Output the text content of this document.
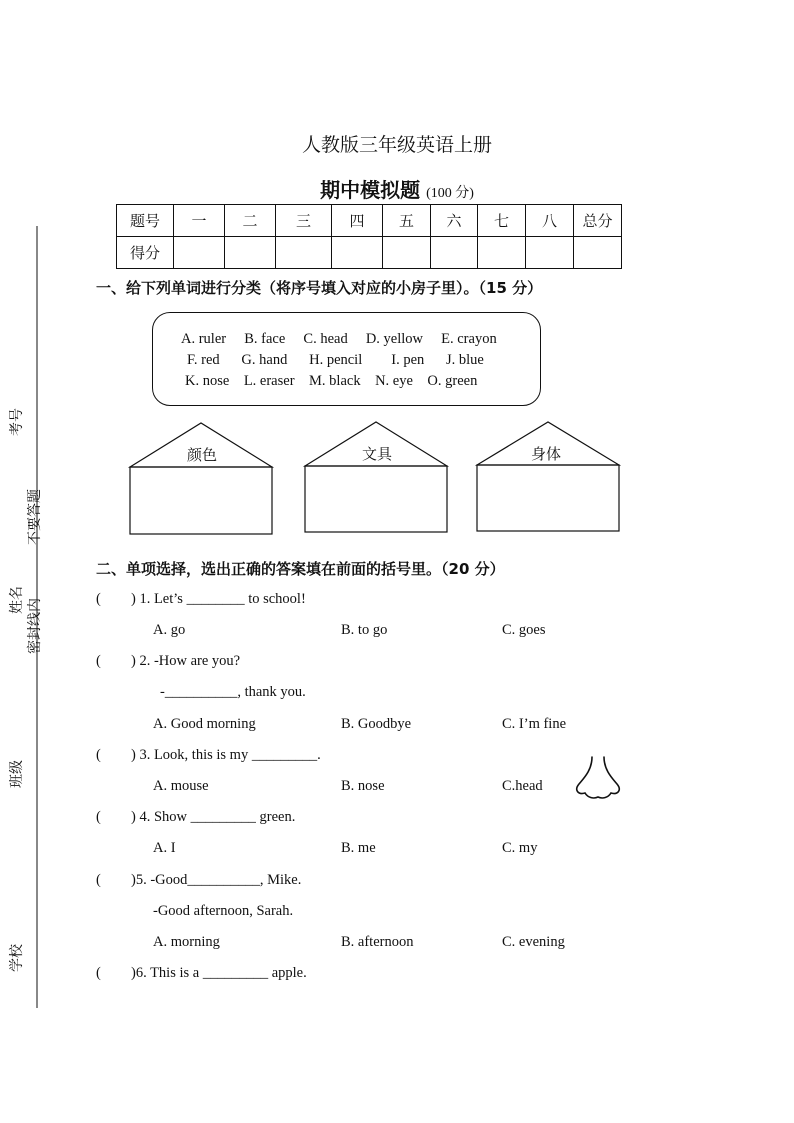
考号
不要答题
姓名 密封线内
班级
学校
人教版三年级英语上册
期中模拟题 (100 分)
题号	一	二	三	四	五	六	七	八	总分
得分									
一、给下列单词进行分类（将序号填入对应的小房子里）。（15 分）
A. ruler B. face C. head D. yellow E. crayon
F. red G. hand H. pencil I. pen J. blue
K. nose L. eraser M. black N. eye O. green
颜色	文具	身体
二、单项选择，选出正确的答案填在前面的括号里。（20 分）
( ) 1. Let’s ________ to school!
A. go	B. to go	C. goes
( ) 2. -How are you?
-__________, thank you.
A. Good morning	B. Goodbye	C. I’m fine
( ) 3. Look, this is my _________.
A. mouse	B. nose	C.head
( ) 4. Show _________ green.
A. I	B. me	C. my
( )5. -Good__________, Mike.
-Good afternoon, Sarah.
A. morning	B. afternoon	C. evening
( )6. This is a _________ apple.
